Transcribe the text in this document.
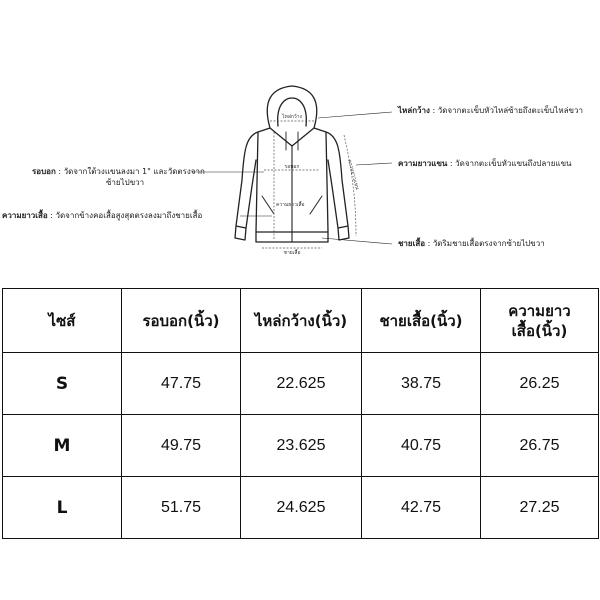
ไหล่กว้าง
รอบอก
ความยาวเสื้อ
ชายเสื้อ
ความยาวแขน
ไหล่กว้าง : วัดจากตะเข็บหัวไหล่ซ้ายถึงตะเข็บไหล่ขวา
ความยาวแขน : วัดจากตะเข็บหัวแขนถึงปลายแขน
รอบอก : วัดจากใต้วงแขนลงมา 1" และวัดตรงจาก
ซ้ายไปขวา
ความยาวเสื้อ : วัดจากข้างคอเสื้อสูงสุดตรงลงมาถึงชายเสื้อ
ชายเสื้อ : วัดริมชายเสื้อตรงจากซ้ายไปขวา
ไซส์	รอบอก(นิ้ว)	ไหล่กว้าง(นิ้ว)	ชายเสื้อ(นิ้ว)	ความยาว
เสื้อ(นิ้ว)
S	47.75	22.625	38.75	26.25
M	49.75	23.625	40.75	26.75
L	51.75	24.625	42.75	27.25
